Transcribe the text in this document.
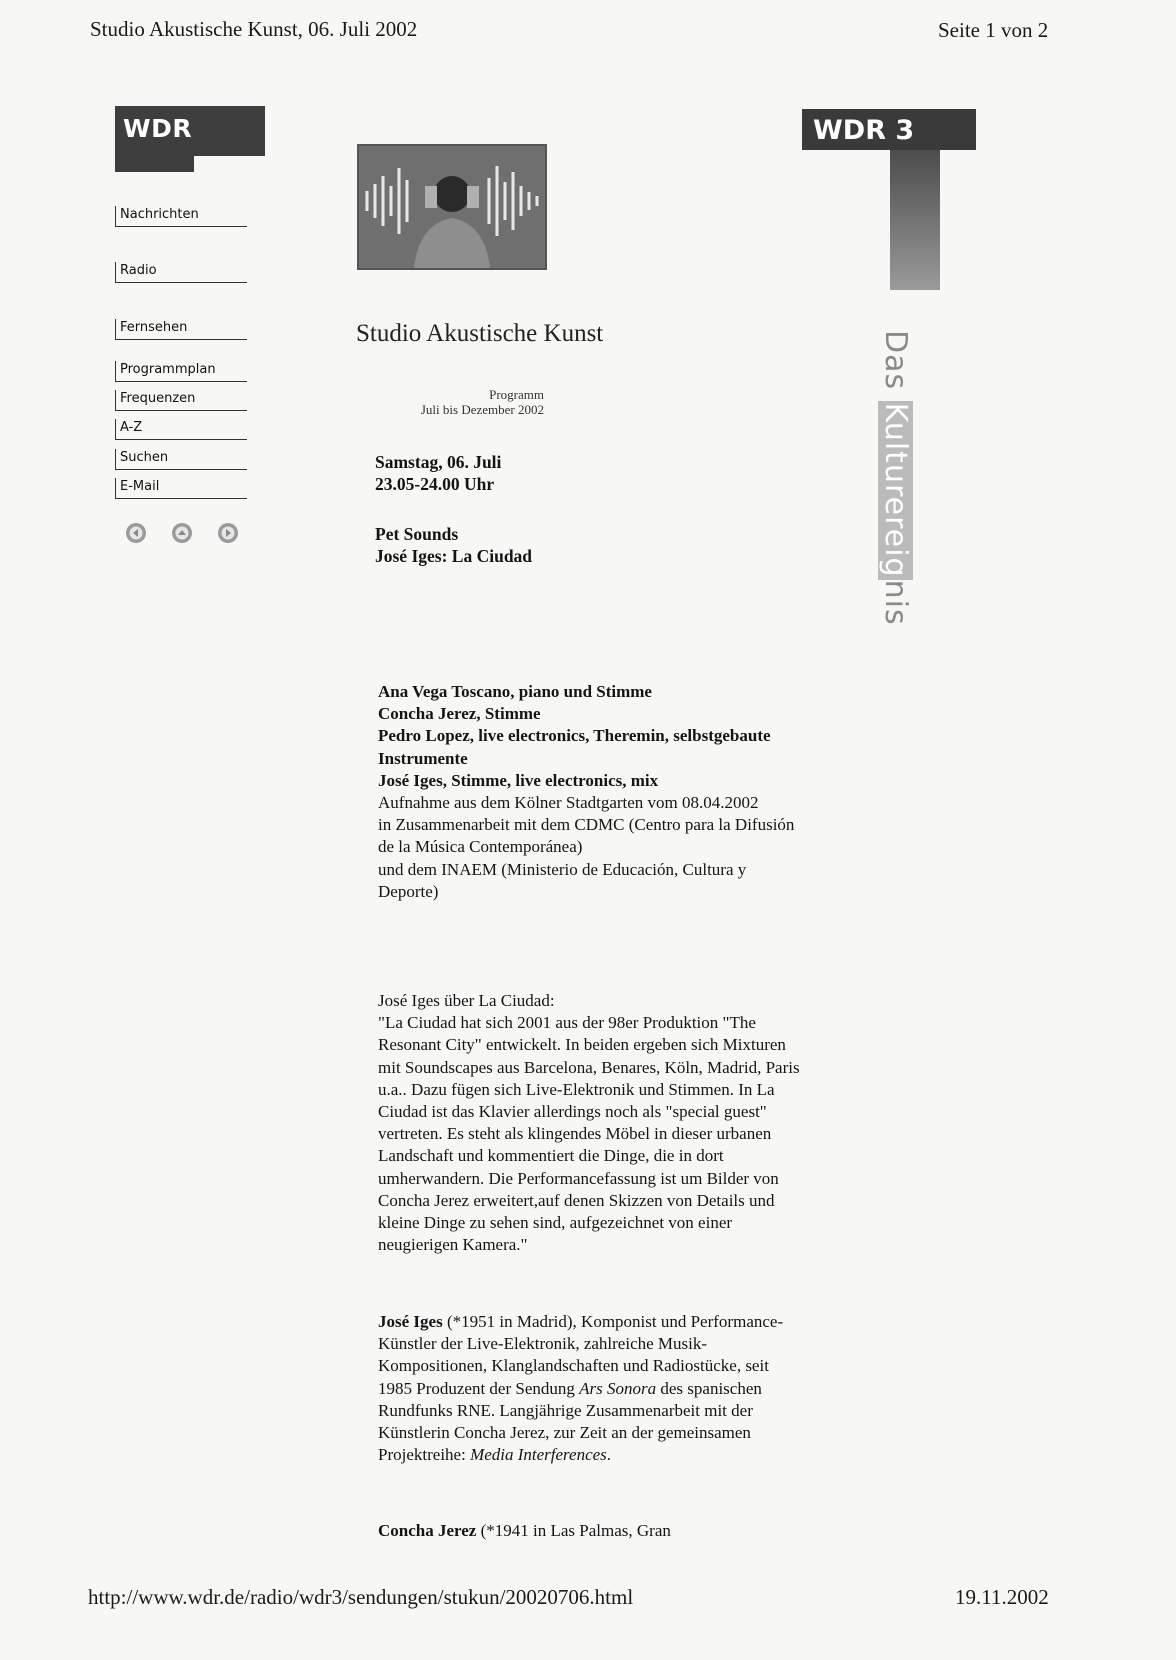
Studio Akustische Kunst, 06. Juli 2002	Seite 1 von 2
WDR
Nachrichten
Radio
Fernsehen
Programmplan
Frequenzen
A-Z
Suchen
E-Mail
WDR 3
Das Kulturereignis
Studio Akustische Kunst
Programm
Juli bis Dezember 2002
Samstag, 06. Juli
23.05-24.00 Uhr
Pet Sounds
José Iges: La Ciudad

Ana Vega Toscano, piano und Stimme

Concha Jerez, Stimme

Pedro Lopez, live electronics, Theremin, selbstgebaute Instrumente

José Iges, Stimme, live electronics, mix

Aufnahme aus dem Kölner Stadtgarten vom 08.04.2002

in Zusammenarbeit mit dem CDMC (Centro para la Difusión de la Música Contemporánea)

und dem INAEM (Ministerio de Educación, Cultura y Deporte)

José Iges über La Ciudad:

"La Ciudad hat sich 2001 aus der 98er Produktion "The Resonant City" entwickelt. In beiden ergeben sich Mixturen mit Soundscapes aus Barcelona, Benares, Köln, Madrid, Paris u.a.. Dazu fügen sich Live-Elektronik und Stimmen. In La Ciudad ist das Klavier allerdings noch als "special guest" vertreten. Es steht als klingendes Möbel in dieser urbanen Landschaft und kommentiert die Dinge, die in dort umherwandern. Die Performancefassung ist um Bilder von Concha Jerez erweitert,auf denen Skizzen von Details und kleine Dinge zu sehen sind, aufgezeichnet von einer neugierigen Kamera."

José Iges (*1951 in Madrid), Komponist und Performance-Künstler der Live-Elektronik, zahlreiche Musik-Kompositionen, Klanglandschaften und Radiostücke, seit 1985 Produzent der Sendung Ars Sonora des spanischen Rundfunks RNE. Langjährige Zusammenarbeit mit der Künstlerin Concha Jerez, zur Zeit an der gemeinsamen Projektreihe: Media Interferences.

Concha Jerez (*1941 in Las Palmas, Gran

http://www.wdr.de/radio/wdr3/sendungen/stukun/20020706.html	19.11.2002
